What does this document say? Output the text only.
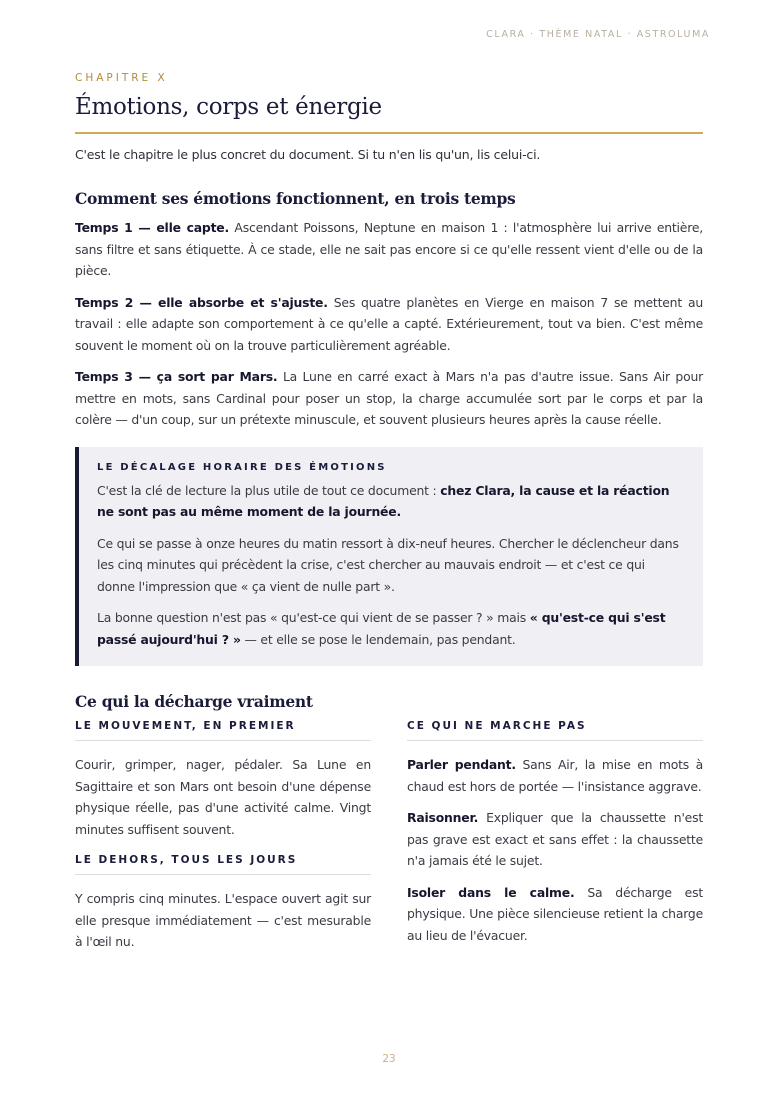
CLARA · THÈME NATAL · ASTROLUMA
CHAPITRE X
Émotions, corps et énergie

C'est le chapitre le plus concret du document. Si tu n'en lis qu'un, lis celui-ci.

Comment ses émotions fonctionnent, en trois temps

Temps 1 — elle capte. Ascendant Poissons, Neptune en maison 1 : l'atmosphère lui arrive entière, sans filtre et sans étiquette. À ce stade, elle ne sait pas encore si ce qu'elle ressent vient d'elle ou de la pièce.

Temps 2 — elle absorbe et s'ajuste. Ses quatre planètes en Vierge en maison 7 se mettent au travail : elle adapte son comportement à ce qu'elle a capté. Extérieurement, tout va bien. C'est même souvent le moment où on la trouve particulièrement agréable.

Temps 3 — ça sort par Mars. La Lune en carré exact à Mars n'a pas d'autre issue. Sans Air pour mettre en mots, sans Cardinal pour poser un stop, la charge accumulée sort par le corps et par la colère — d'un coup, sur un prétexte minuscule, et souvent plusieurs heures après la cause réelle.

LE DÉCALAGE HORAIRE DES ÉMOTIONS

C'est la clé de lecture la plus utile de tout ce document : chez Clara, la cause et la réaction ne sont pas au même moment de la journée.

Ce qui se passe à onze heures du matin ressort à dix-neuf heures. Chercher le déclencheur dans les cinq minutes qui précèdent la crise, c'est chercher au mauvais endroit — et c'est ce qui donne l'impression que « ça vient de nulle part ».

La bonne question n'est pas « qu'est-ce qui vient de se passer ? » mais « qu'est-ce qui s'est passé aujourd'hui ? » — et elle se pose le lendemain, pas pendant.

Ce qui la décharge vraiment
LE MOUVEMENT, EN PREMIER

Courir, grimper, nager, pédaler. Sa Lune en Sagittaire et son Mars ont besoin d'une dépense physique réelle, pas d'une activité calme. Vingt minutes suffisent souvent.

LE DEHORS, TOUS LES JOURS

Y compris cinq minutes. L'espace ouvert agit sur elle presque immédiatement — c'est mesurable à l'œil nu.

CE QUI NE MARCHE PAS

Parler pendant. Sans Air, la mise en mots à chaud est hors de portée — l'insistance aggrave.

Raisonner. Expliquer que la chaussette n'est pas grave est exact et sans effet : la chaussette n'a jamais été le sujet.

Isoler dans le calme. Sa décharge est physique. Une pièce silencieuse retient la charge au lieu de l'évacuer.

23
